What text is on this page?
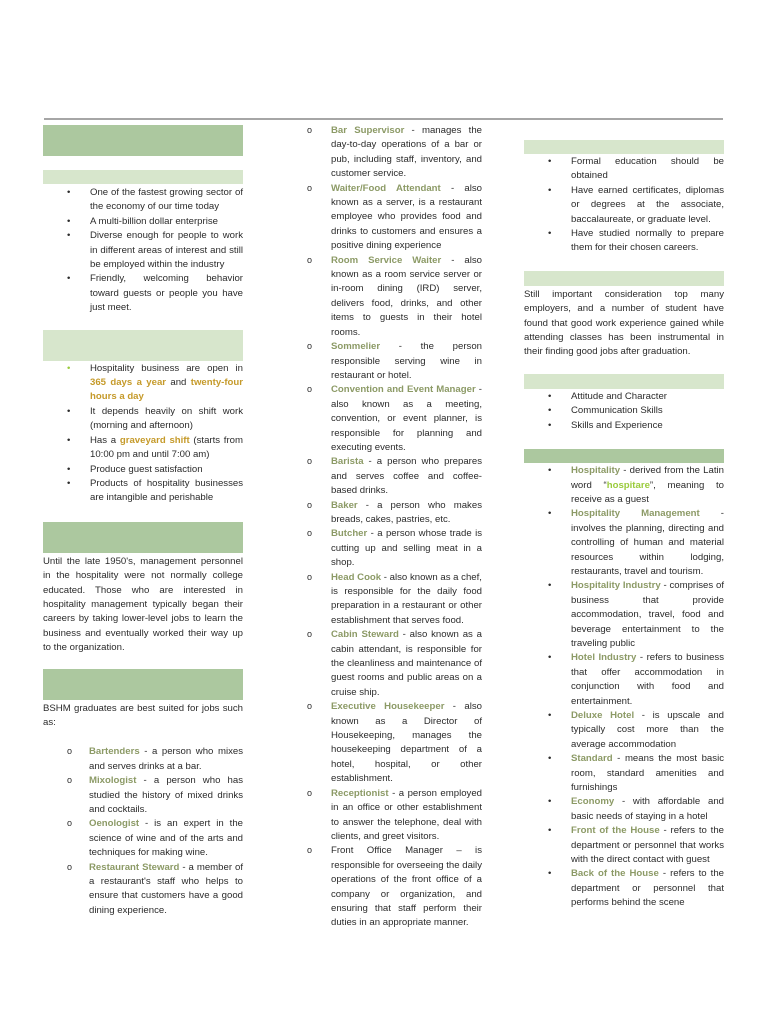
• One of the fastest growing sector of the economy of our time today
• A multi-billion dollar enterprise
• Diverse enough for people to work in different areas of interest and still be employed within the industry
• Friendly, welcoming behavior toward guests or people you have just meet.
• Hospitality business are open in 365 days a year and twenty-four hours a day
• It depends heavily on shift work (morning and afternoon)
• Has a graveyard shift (starts from 10:00 pm and until 7:00 am)
• Produce guest satisfaction
• Products of hospitality businesses are intangible and perishable

Until the late 1950's, management personnel in the hospitality were not normally college educated. Those who are interested in hospitality management typically began their careers by taking lower-level jobs to learn the business and eventually worked their way up to the organization.

BSHM graduates are best suited for jobs such as:

o Bartenders - a person who mixes and serves drinks at a bar.
o Mixologist - a person who has studied the history of mixed drinks and cocktails.
o Oenologist - is an expert in the science of wine and of the arts and techniques for making wine.
o Restaurant Steward - a member of a restaurant's staff who helps to ensure that customers have a good dining experience.
o Bar Supervisor - manages the day-to-day operations of a bar or pub, including staff, inventory, and customer service.
o Waiter/Food Attendant - also known as a server, is a restaurant employee who provides food and drinks to customers and ensures a positive dining experience
o Room Service Waiter - also known as a room service server or in-room dining (IRD) server, delivers food, drinks, and other items to guests in their hotel rooms.
o Sommelier - the person responsible serving wine in restaurant or hotel.
o Convention and Event Manager - also known as a meeting, convention, or event planner, is responsible for planning and executing events.
o Barista - a person who prepares and serves coffee and coffee-based drinks.
o Baker - a person who makes breads, cakes, pastries, etc.
o Butcher - a person whose trade is cutting up and selling meat in a shop.
o Head Cook - also known as a chef, is responsible for the daily food preparation in a restaurant or other establishment that serves food.
o Cabin Steward - also known as a cabin attendant, is responsible for the cleanliness and maintenance of guest rooms and public areas on a cruise ship.
o Executive Housekeeper - also known as a Director of Housekeeping, manages the housekeeping department of a hotel, hospital, or other establishment.
o Receptionist - a person employed in an office or other establishment to answer the telephone, deal with clients, and greet visitors.
o Front Office Manager – is responsible for overseeing the daily operations of the front office of a company or organization, and ensuring that staff perform their duties in an appropriate manner.
• Formal education should be obtained
• Have earned certificates, diplomas or degrees at the associate, baccalaureate, or graduate level.
• Have studied normally to prepare them for their chosen careers.

Still important consideration top many employers, and a number of student have found that good work experience gained while attending classes has been instrumental in their finding good jobs after graduation.

• Attitude and Character
• Communication Skills
• Skills and Experience
• Hospitality - derived from the Latin word “hospitare”, meaning to receive as a guest
• Hospitality Management - involves the planning, directing and controlling of human and material resources within lodging, restaurants, travel and tourism.
• Hospitality Industry - comprises of business that provide accommodation, travel, food and beverage entertainment to the traveling public
• Hotel Industry - refers to business that offer accommodation in conjunction with food and entertainment.
• Deluxe Hotel - is upscale and typically cost more than the average accommodation
• Standard - means the most basic room, standard amenities and furnishings
• Economy - with affordable and basic needs of staying in a hotel
• Front of the House - refers to the department or personnel that works with the direct contact with guest
• Back of the House - refers to the department or personnel that performs behind the scene
